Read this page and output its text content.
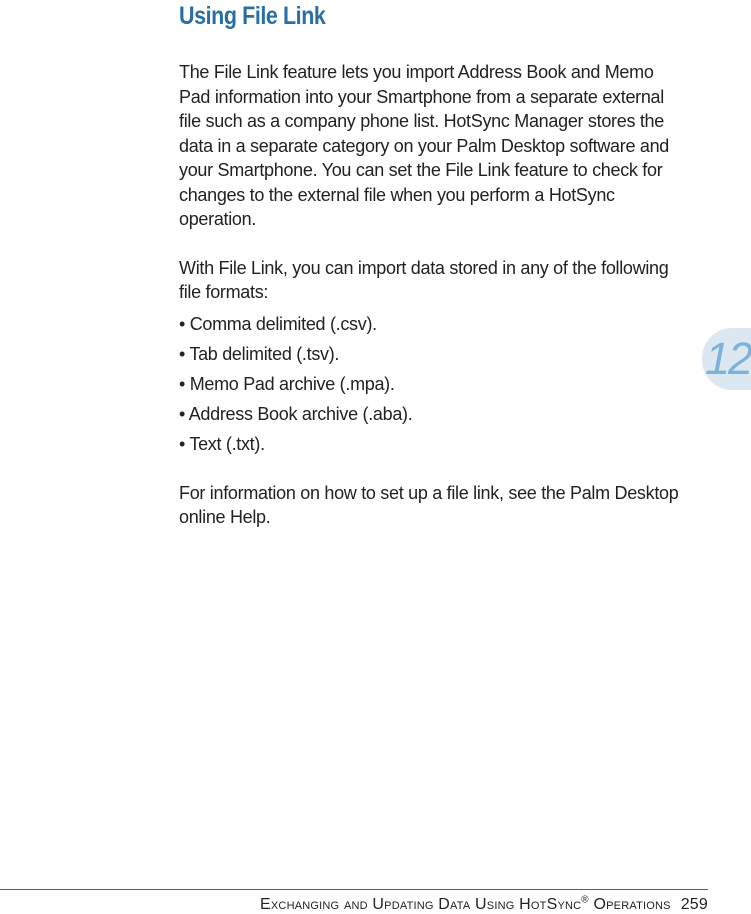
Using File Link

The File Link feature lets you import Address Book and Memo Pad information into your Smartphone from a separate external file such as a company phone list. HotSync Manager stores the data in a separate category on your Palm Desktop software and your Smartphone. You can set the File Link feature to check for changes to the external file when you perform a HotSync operation.

With File Link, you can import data stored in any of the following file formats:

• Comma delimited (.csv).
• Tab delimited (.tsv).
• Memo Pad archive (.mpa).
• Address Book archive (.aba).
• Text (.txt).

For information on how to set up a file link, see the Palm Desktop online Help.

12
Exchanging and Updating Data Using HotSync® Operations 259
